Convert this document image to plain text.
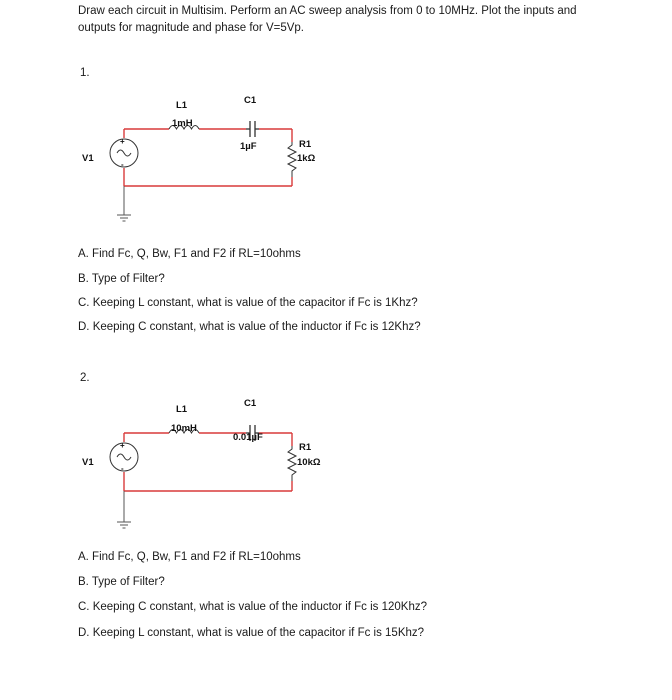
Draw each circuit in Multisim. Perform an AC sweep analysis from 0 to 10MHz. Plot the inputs and outputs for magnitude and phase for V=5Vp.
1.
+
-
V1
L1
1mH
C1
1µF	R1
1kΩ
A. Find Fc, Q, Bw, F1 and F2 if RL=10ohms
B. Type of Filter?
C. Keeping L constant, what is value of the capacitor if Fc is 1Khz?
D. Keeping C constant, what is value of the inductor if Fc is 12Khz?
2.
+
-
V1
L1
10mH
C1
0.01µF
R1
10kΩ
A. Find Fc, Q, Bw, F1 and F2 if RL=10ohms
B. Type of Filter?
C. Keeping C constant, what is value of the inductor if Fc is 120Khz?
D. Keeping L constant, what is value of the capacitor if Fc is 15Khz?
